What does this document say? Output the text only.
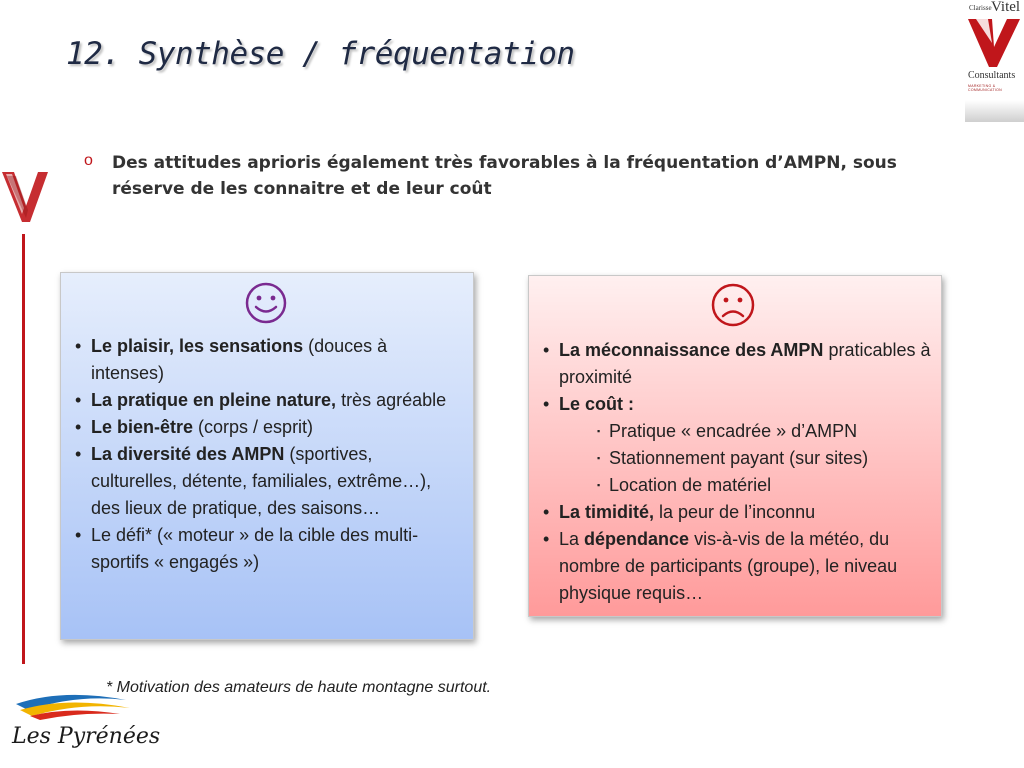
12. Synthèse / fréquentation
Clarisse Vitel
Consultants
MARKETING & COMMUNICATION
o Des attitudes aprioris également très favorables à la fréquentation d’AMPN, sous réserve de les connaitre et de leur coût
• Le plaisir, les sensations (douces à intenses)
• La pratique en pleine nature, très agréable
• Le bien-être (corps / esprit)
• La diversité des AMPN (sportives, culturelles, détente, familiales, extrême…), des lieux de pratique, des saisons…
• Le défi* (« moteur » de la cible des multi-sportifs « engagés »)
• La méconnaissance des AMPN praticables à proximité
• Le coût :
▪ Pratique « encadrée » d’AMPN
▪ Stationnement payant (sur sites)
▪ Location de matériel
• La timidité, la peur de l’inconnu
• La dépendance vis-à-vis de la météo, du nombre de participants (groupe), le niveau physique requis…
* Motivation des amateurs de haute montagne surtout.
Les Pyrénées
